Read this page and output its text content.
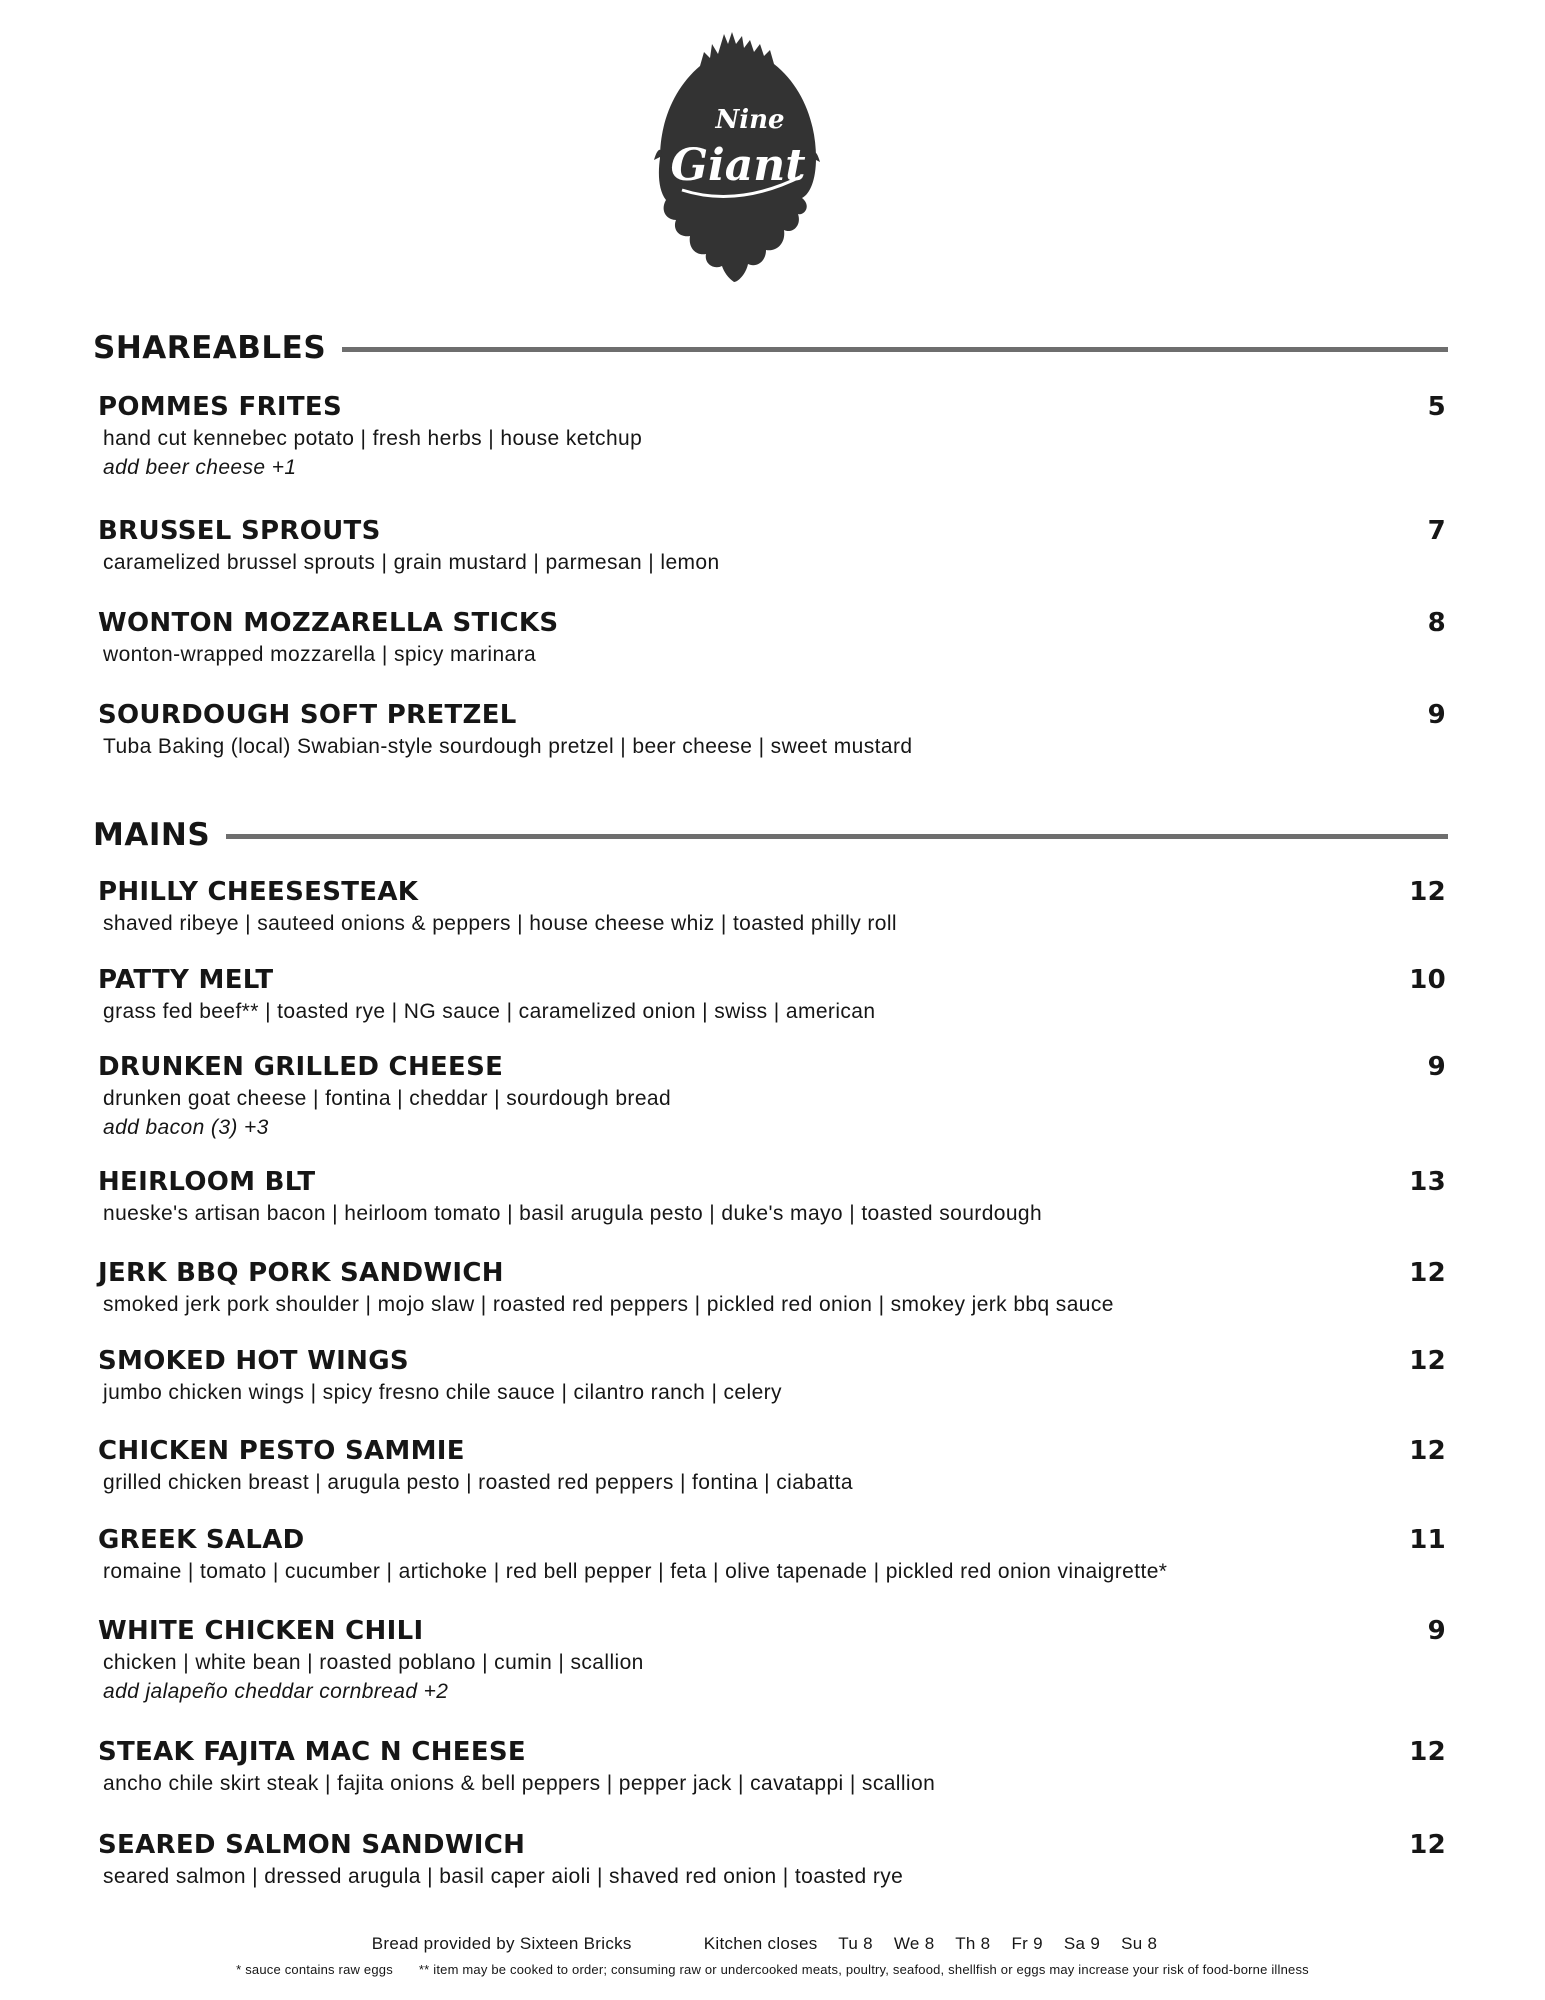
Nine
Giant
SHAREABLES
POMMES FRITES	5
hand cut kennebec potato | fresh herbs | house ketchup
add beer cheese +1
BRUSSEL SPROUTS	7
caramelized brussel sprouts | grain mustard | parmesan | lemon
WONTON MOZZARELLA STICKS	8
wonton-wrapped mozzarella | spicy marinara
SOURDOUGH SOFT PRETZEL	9
Tuba Baking (local) Swabian-style sourdough pretzel | beer cheese | sweet mustard
MAINS
PHILLY CHEESESTEAK	12
shaved ribeye | sauteed onions & peppers | house cheese whiz | toasted philly roll
PATTY MELT	10
grass fed beef** | toasted rye | NG sauce | caramelized onion | swiss | american
DRUNKEN GRILLED CHEESE	9
drunken goat cheese | fontina | cheddar | sourdough bread
add bacon (3) +3
HEIRLOOM BLT	13
nueske's artisan bacon | heirloom tomato | basil arugula pesto | duke's mayo | toasted sourdough
JERK BBQ PORK SANDWICH	12
smoked jerk pork shoulder | mojo slaw | roasted red peppers | pickled red onion | smokey jerk bbq sauce
SMOKED HOT WINGS	12
jumbo chicken wings | spicy fresno chile sauce | cilantro ranch | celery
CHICKEN PESTO SAMMIE	12
grilled chicken breast | arugula pesto | roasted red peppers | fontina | ciabatta
GREEK SALAD	11
romaine | tomato | cucumber | artichoke | red bell pepper | feta | olive tapenade | pickled red onion vinaigrette*
WHITE CHICKEN CHILI	9
chicken | white bean | roasted poblano | cumin | scallion
add jalapeño cheddar cornbread +2
STEAK FAJITA MAC N CHEESE	12
ancho chile skirt steak | fajita onions & bell peppers | pepper jack | cavatappi | scallion
SEARED SALMON SANDWICH	12
seared salmon | dressed arugula | basil caper aioli | shaved red onion | toasted rye
Bread provided by Sixteen Bricks	Kitchen closes Tu 8 We 8 Th 8 Fr 9 Sa 9 Su 8
* sauce contains raw eggs ** item may be cooked to order; consuming raw or undercooked meats, poultry, seafood, shellfish or eggs may increase your risk of food-borne illness
